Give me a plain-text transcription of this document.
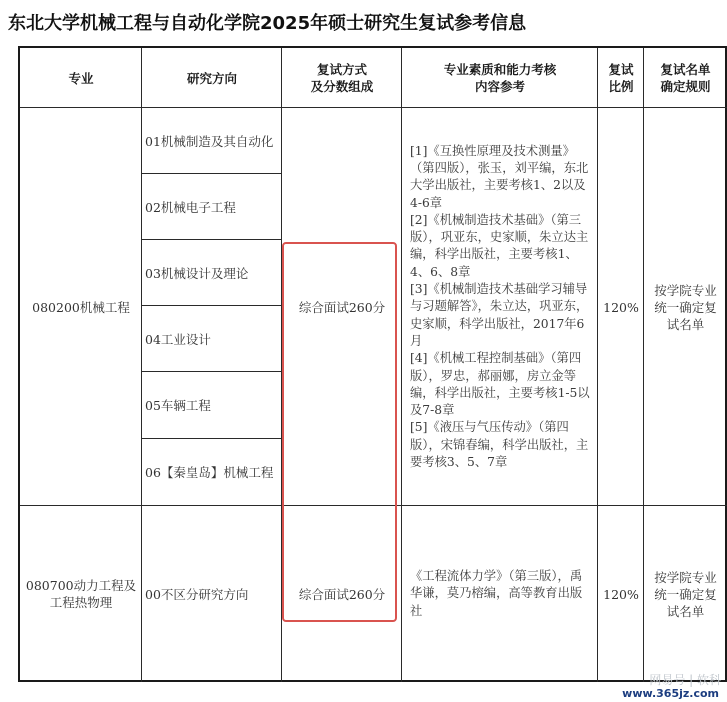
东北大学机械工程与自动化学院2025年硕士研究生复试参考信息
专业	研究方向
复试方式
及分数组成
专业素质和能力考核
内容参考
复试
比例
复试名单
确定规则
080200机械工程
01机械制造及其自动化
02机械电子工程
03机械设计及理论
04工业设计
05车辆工程
06【秦皇岛】机械工程
综合面试260分
[1]《互换性原理及技术测量》（第四版），张玉，刘平编，东北大学出版社，主要考核1、2以及4-6章
[2]《机械制造技术基础》（第三版），巩亚东，史家顺，朱立达主编，科学出版社，主要考核1、4、6、8章
[3]《机械制造技术基础学习辅导与习题解答》，朱立达，巩亚东，史家顺，科学出版社，2017年6月
[4]《机械工程控制基础》（第四版），罗忠，郝丽娜，房立金等编，科学出版社，主要考核1-5以及7-8章
[5]《液压与气压传动》（第四版），宋锦春编，科学出版社，主要考核3、5、7章
120%
按学院专业统一确定复试名单
080700动力工程及工程热物理
00不区分研究方向	综合面试260分
《工程流体力学》（第三版），禹华谦，莫乃榕编，高等教育出版社
120%
按学院专业统一确定复试名单
网易号 | 软科
www.365jz.com
